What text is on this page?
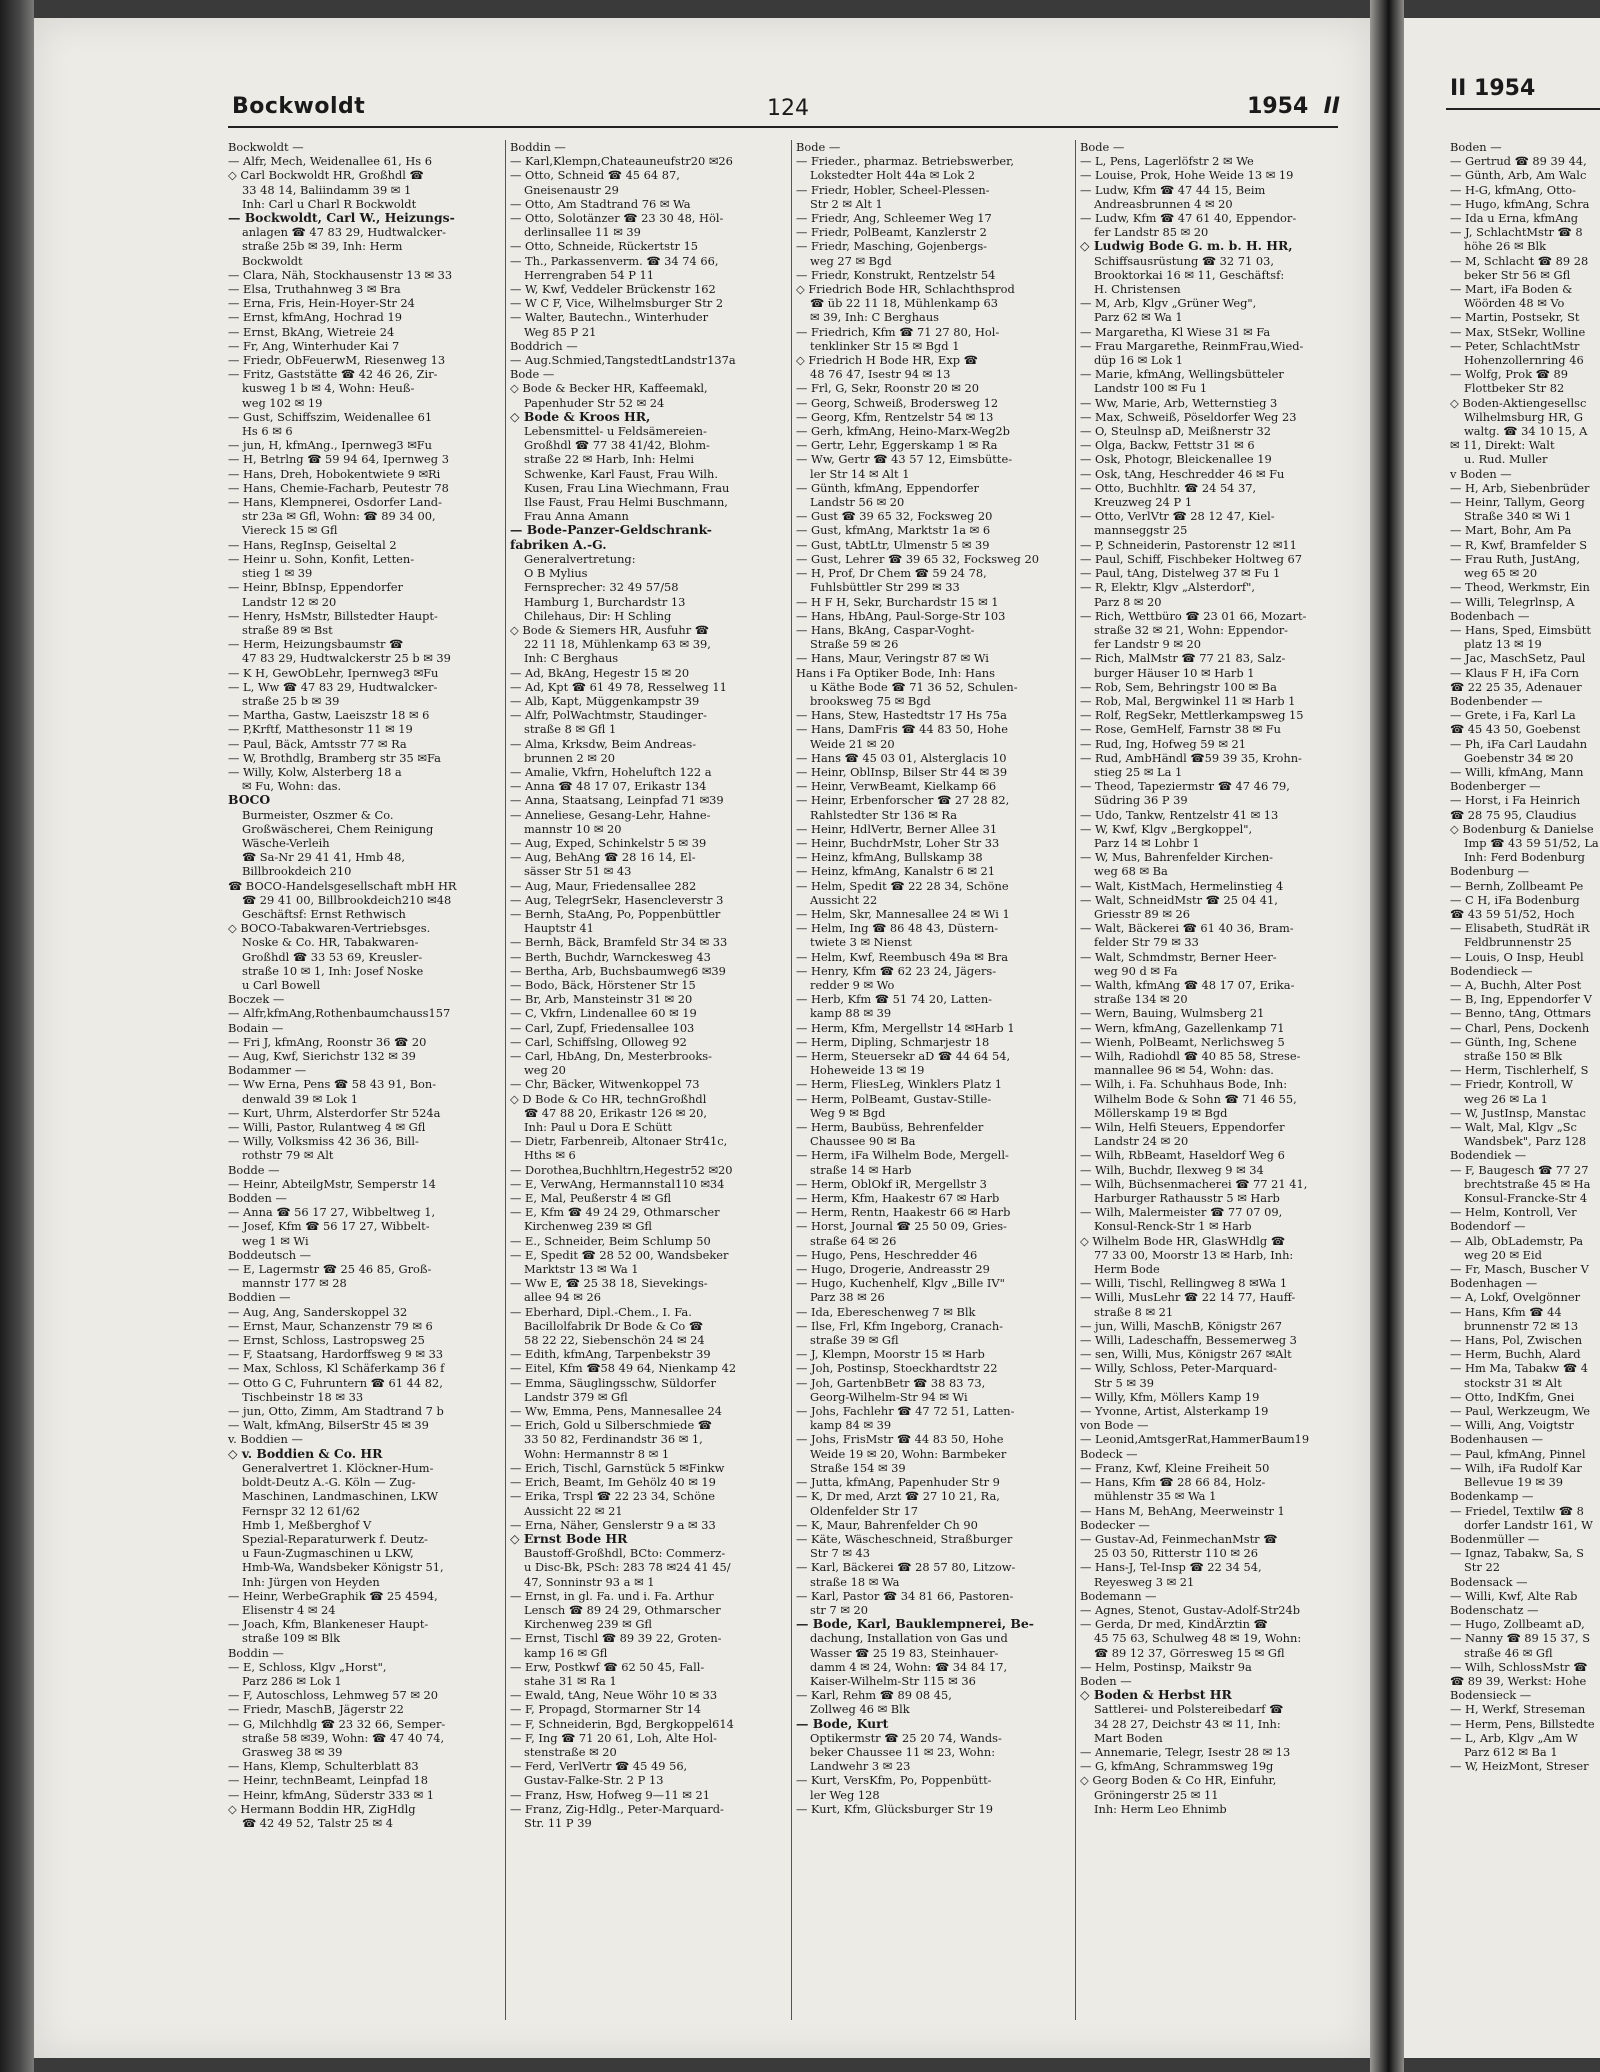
Bockwoldt	124	1954 II
Bockwoldt —
— Alfr, Mech, Weidenallee 61, Hs 6
◇ Carl Bockwoldt HR, Großhdl ☎
33 48 14, Baliindamm 39 ✉ 1
Inh: Carl u Charl R Bockwoldt
— Bockwoldt, Carl W., Heizungs-
anlagen ☎ 47 83 29, Hudtwalcker-
straße 25b ✉ 39, Inh: Herm
Bockwoldt
— Clara, Näh, Stockhausenstr 13 ✉ 33
— Elsa, Truthahnweg 3 ✉ Bra
— Erna, Fris, Hein-Hoyer-Str 24
— Ernst, kfmAng, Hochrad 19
— Ernst, BkAng, Wietreie 24
— Fr, Ang, Winterhuder Kai 7
— Friedr, ObFeuerwM, Riesenweg 13
— Fritz, Gaststätte ☎ 42 46 26, Zir-
kusweg 1 b ✉ 4, Wohn: Heuß-
weg 102 ✉ 19
— Gust, Schiffszim, Weidenallee 61
Hs 6 ✉ 6
— jun, H, kfmAng., Ipernweg3 ✉Fu
— H, Betrlng ☎ 59 94 64, Ipernweg 3
— Hans, Dreh, Hobokentwiete 9 ✉Ri
— Hans, Chemie-Facharb, Peutestr 78
— Hans, Klempnerei, Osdorfer Land-
str 23a ✉ Gfl, Wohn: ☎ 89 34 00,
Viereck 15 ✉ Gfl
— Hans, RegInsp, Geiseltal 2
— Heinr u. Sohn, Konfit, Letten-
stieg 1 ✉ 39
— Heinr, BbInsp, Eppendorfer
Landstr 12 ✉ 20
— Henry, HsMstr, Billstedter Haupt-
straße 89 ✉ Bst
— Herm, Heizungsbaumstr ☎
47 83 29, Hudtwalckerstr 25 b ✉ 39
— K H, GewObLehr, Ipernweg3 ✉Fu
— L, Ww ☎ 47 83 29, Hudtwalcker-
straße 25 b ✉ 39
— Martha, Gastw, Laeiszstr 18 ✉ 6
— P,Krftf, Matthesonstr 11 ✉ 19
— Paul, Bäck, Amtsstr 77 ✉ Ra
— W, Brothdlg, Bramberg str 35 ✉Fa
— Willy, Kolw, Alsterberg 18 a
✉ Fu, Wohn: das.
BOCO
Burmeister, Oszmer & Co.
Großwäscherei, Chem Reinigung
Wäsche-Verleih
☎ Sa-Nr 29 41 41, Hmb 48,
Billbrookdeich 210
☎ BOCO-Handelsgesellschaft mbH HR
☎ 29 41 00, Billbrookdeich210 ✉48
Geschäftsf: Ernst Rethwisch
◇ BOCO-Tabakwaren-Vertriebsges.
Noske & Co. HR, Tabakwaren-
Großhdl ☎ 33 53 69, Kreusler-
straße 10 ✉ 1, Inh: Josef Noske
u Carl Bowell
Boczek —
— Alfr,kfmAng,Rothenbaumchauss157
Bodain —
— Fri J, kfmAng, Roonstr 36 ☎ 20
— Aug, Kwf, Sierichstr 132 ✉ 39
Bodammer —
— Ww Erna, Pens ☎ 58 43 91, Bon-
denwald 39 ✉ Lok 1
— Kurt, Uhrm, Alsterdorfer Str 524a
— Willi, Pastor, Rulantweg 4 ✉ Gfl
— Willy, Volksmiss 42 36 36, Bill-
rothstr 79 ✉ Alt
Bodde —
— Heinr, AbteilgMstr, Semperstr 14
Bodden —
— Anna ☎ 56 17 27, Wibbeltweg 1,
— Josef, Kfm ☎ 56 17 27, Wibbelt-
weg 1 ✉ Wi
Boddeutsch —
— E, Lagermstr ☎ 25 46 85, Groß-
mannstr 177 ✉ 28
Boddien —
— Aug, Ang, Sanderskoppel 32
— Ernst, Maur, Schanzenstr 79 ✉ 6
— Ernst, Schloss, Lastropsweg 25
— F, Staatsang, Hardorffsweg 9 ✉ 33
— Max, Schloss, Kl Schäferkamp 36 f
— Otto G C, Fuhruntern ☎ 61 44 82,
Tischbeinstr 18 ✉ 33
— jun, Otto, Zimm, Am Stadtrand 7 b
— Walt, kfmAng, BilserStr 45 ✉ 39
v. Boddien —
◇ v. Boddien & Co. HR
Generalvertret 1. Klöckner-Hum-
boldt-Deutz A.-G. Köln — Zug-
Maschinen, Landmaschinen, LKW
Fernspr 32 12 61/62
Hmb 1, Meßberghof V
Spezial-Reparaturwerk f. Deutz-
u Faun-Zugmaschinen u LKW,
Hmb-Wa, Wandsbeker Königstr 51,
Inh: Jürgen von Heyden
— Heinr, WerbeGraphik ☎ 25 4594,
Elisenstr 4 ✉ 24
— Joach, Kfm, Blankeneser Haupt-
straße 109 ✉ Blk
Boddin —
— E, Schloss, Klgv „Horst",
Parz 286 ✉ Lok 1
— F, Autoschloss, Lehmweg 57 ✉ 20
— Friedr, MaschB, Jägerstr 22
— G, Milchhdlg ☎ 23 32 66, Semper-
straße 58 ✉39, Wohn: ☎ 47 40 74,
Grasweg 38 ✉ 39
— Hans, Klemp, Schulterblatt 83
— Heinr, technBeamt, Leinpfad 18
— Heinr, kfmAng, Süderstr 333 ✉ 1
◇ Hermann Boddin HR, ZigHdlg
☎ 42 49 52, Talstr 25 ✉ 4
Boddin —
— Karl,Klempn,Chateauneufstr20 ✉26
— Otto, Schneid ☎ 45 64 87,
Gneisenaustr 29
— Otto, Am Stadtrand 76 ✉ Wa
— Otto, Solotänzer ☎ 23 30 48, Höl-
derlinsallee 11 ✉ 39
— Otto, Schneide, Rückertstr 15
— Th., Parkassenverm. ☎ 34 74 66,
Herrengraben 54 P 11
— W, Kwf, Veddeler Brückenstr 162
— W C F, Vice, Wilhelmsburger Str 2
— Walter, Bautechn., Winterhuder
Weg 85 P 21
Boddrich —
— Aug.Schmied,TangstedtLandstr137a
Bode —
◇ Bode & Becker HR, Kaffeemakl,
Papenhuder Str 52 ✉ 24
◇ Bode & Kroos HR,
Lebensmittel- u Feldsämereien-
Großhdl ☎ 77 38 41/42, Blohm-
straße 22 ✉ Harb, Inh: Helmi
Schwenke, Karl Faust, Frau Wilh.
Kusen, Frau Lina Wiechmann, Frau
Ilse Faust, Frau Helmi Buschmann,
Frau Anna Amann
— Bode-Panzer-Geldschrank-
fabriken A.-G.
Generalvertretung:
O B Mylius
Fernsprecher: 32 49 57/58
Hamburg 1, Burchardstr 13
Chilehaus, Dir: H Schling
◇ Bode & Siemers HR, Ausfuhr ☎
22 11 18, Mühlenkamp 63 ✉ 39,
Inh: C Berghaus
— Ad, BkAng, Hegestr 15 ✉ 20
— Ad, Kpt ☎ 61 49 78, Resselweg 11
— Alb, Kapt, Müggenkampstr 39
— Alfr, PolWachtmstr, Staudinger-
straße 8 ✉ Gfl 1
— Alma, Krksdw, Beim Andreas-
brunnen 2 ✉ 20
— Amalie, Vkfrn, Hoheluftch 122 a
— Anna ☎ 48 17 07, Erikastr 134
— Anna, Staatsang, Leinpfad 71 ✉39
— Anneliese, Gesang-Lehr, Hahne-
mannstr 10 ✉ 20
— Aug, Exped, Schinkelstr 5 ✉ 39
— Aug, BehAng ☎ 28 16 14, El-
sässer Str 51 ✉ 43
— Aug, Maur, Friedensallee 282
— Aug, TelegrSekr, Hasencleverstr 3
— Bernh, StaAng, Po, Poppenbüttler
Hauptstr 41
— Bernh, Bäck, Bramfeld Str 34 ✉ 33
— Berth, Buchdr, Warnckesweg 43
— Bertha, Arb, Buchsbaumweg6 ✉39
— Bodo, Bäck, Hörstener Str 15
— Br, Arb, Mansteinstr 31 ✉ 20
— C, Vkfrn, Lindenallee 60 ✉ 19
— Carl, Zupf, Friedensallee 103
— Carl, Schiffslng, Olloweg 92
— Carl, HbAng, Dn, Mesterbrooks-
weg 20
— Chr, Bäcker, Witwenkoppel 73
◇ D Bode & Co HR, technGroßhdl
☎ 47 88 20, Erikastr 126 ✉ 20,
Inh: Paul u Dora E Schütt
— Dietr, Farbenreib, Altonaer Str41c,
Hths ✉ 6
— Dorothea,Buchhltrn,Hegestr52 ✉20
— E, VerwAng, Hermannstal110 ✉34
— E, Mal, Peußerstr 4 ✉ Gfl
— E, Kfm ☎ 49 24 29, Othmarscher
Kirchenweg 239 ✉ Gfl
— E., Schneider, Beim Schlump 50
— E, Spedit ☎ 28 52 00, Wandsbeker
Marktstr 13 ✉ Wa 1
— Ww E, ☎ 25 38 18, Sievekings-
allee 94 ✉ 26
— Eberhard, Dipl.-Chem., I. Fa.
Bacillolfabrik Dr Bode & Co ☎
58 22 22, Siebenschön 24 ✉ 24
— Edith, kfmAng, Tarpenbekstr 39
— Eitel, Kfm ☎58 49 64, Nienkamp 42
— Emma, Säuglingsschw, Süldorfer
Landstr 379 ✉ Gfl
— Ww, Emma, Pens, Mannesallee 24
— Erich, Gold u Silberschmiede ☎
33 50 82, Ferdinandstr 36 ✉ 1,
Wohn: Hermannstr 8 ✉ 1
— Erich, Tischl, Garnstück 5 ✉Finkw
— Erich, Beamt, Im Gehölz 40 ✉ 19
— Erika, Trspl ☎ 22 23 34, Schöne
Aussicht 22 ✉ 21
— Erna, Näher, Genslerstr 9 a ✉ 33
◇ Ernst Bode HR
Baustoff-Großhdl, BCto: Commerz-
u Disc-Bk, PSch: 283 78 ✉24 41 45/
47, Sonninstr 93 a ✉ 1
— Ernst, in gl. Fa. und i. Fa. Arthur
Lensch ☎ 89 24 29, Othmarscher
Kirchenweg 239 ✉ Gfl
— Ernst, Tischl ☎ 89 39 22, Groten-
kamp 16 ✉ Gfl
— Erw, Postkwf ☎ 62 50 45, Fall-
stahe 31 ✉ Ra 1
— Ewald, tAng, Neue Wöhr 10 ✉ 33
— F, Propagd, Stormarner Str 14
— F, Schneiderin, Bgd, Bergkoppel614
— F, Ing ☎ 71 20 61, Loh, Alte Hol-
stenstraße ✉ 20
— Ferd, VerlVertr ☎ 45 49 56,
Gustav-Falke-Str. 2 P 13
— Franz, Hsw, Hofweg 9—11 ✉ 21
— Franz, Zig-Hdlg., Peter-Marquard-
Str. 11 P 39
Bode —
— Frieder., pharmaz. Betriebswerber,
Lokstedter Holt 44a ✉ Lok 2
— Friedr, Hobler, Scheel-Plessen-
Str 2 ✉ Alt 1
— Friedr, Ang, Schleemer Weg 17
— Friedr, PolBeamt, Kanzlerstr 2
— Friedr, Masching, Gojenbergs-
weg 27 ✉ Bgd
— Friedr, Konstrukt, Rentzelstr 54
◇ Friedrich Bode HR, Schlachthsprod
☎ üb 22 11 18, Mühlenkamp 63
✉ 39, Inh: C Berghaus
— Friedrich, Kfm ☎ 71 27 80, Hol-
tenklinker Str 15 ✉ Bgd 1
◇ Friedrich H Bode HR, Exp ☎
48 76 47, Isestr 94 ✉ 13
— Frl, G, Sekr, Roonstr 20 ✉ 20
— Georg, Schweiß, Brodersweg 12
— Georg, Kfm, Rentzelstr 54 ✉ 13
— Gerh, kfmAng, Heino-Marx-Weg2b
— Gertr, Lehr, Eggerskamp 1 ✉ Ra
— Ww, Gertr ☎ 43 57 12, Eimsbütte-
ler Str 14 ✉ Alt 1
— Günth, kfmAng, Eppendorfer
Landstr 56 ✉ 20
— Gust ☎ 39 65 32, Focksweg 20
— Gust, kfmAng, Marktstr 1a ✉ 6
— Gust, tAbtLtr, Ulmenstr 5 ✉ 39
— Gust, Lehrer ☎ 39 65 32, Focksweg 20
— H, Prof, Dr Chem ☎ 59 24 78,
Fuhlsbüttler Str 299 ✉ 33
— H F H, Sekr, Burchardstr 15 ✉ 1
— Hans, HbAng, Paul-Sorge-Str 103
— Hans, BkAng, Caspar-Voght-
Straße 59 ✉ 26
— Hans, Maur, Veringstr 87 ✉ Wi
Hans i Fa Optiker Bode, Inh: Hans
u Käthe Bode ☎ 71 36 52, Schulen-
brooksweg 75 ✉ Bgd
— Hans, Stew, Hastedtstr 17 Hs 75a
— Hans, DamFris ☎ 44 83 50, Hohe
Weide 21 ✉ 20
— Hans ☎ 45 03 01, Alsterglacis 10
— Heinr, OblInsp, Bilser Str 44 ✉ 39
— Heinr, VerwBeamt, Kielkamp 66
— Heinr, Erbenforscher ☎ 27 28 82,
Rahlstedter Str 136 ✉ Ra
— Heinr, HdlVertr, Berner Allee 31
— Heinr, BuchdrMstr, Loher Str 33
— Heinz, kfmAng, Bullskamp 38
— Heinz, kfmAng, Kanalstr 6 ✉ 21
— Helm, Spedit ☎ 22 28 34, Schöne
Aussicht 22
— Helm, Skr, Mannesallee 24 ✉ Wi 1
— Helm, Ing ☎ 86 48 43, Düstern-
twiete 3 ✉ Nienst
— Helm, Kwf, Reembusch 49a ✉ Bra
— Henry, Kfm ☎ 62 23 24, Jägers-
redder 9 ✉ Wo
— Herb, Kfm ☎ 51 74 20, Latten-
kamp 88 ✉ 39
— Herm, Kfm, Mergellstr 14 ✉Harb 1
— Herm, Dipling, Schmarjestr 18
— Herm, Steuersekr aD ☎ 44 64 54,
Hoheweide 13 ✉ 19
— Herm, FliesLeg, Winklers Platz 1
— Herm, PolBeamt, Gustav-Stille-
Weg 9 ✉ Bgd
— Herm, Baubüss, Behrenfelder
Chaussee 90 ✉ Ba
— Herm, iFa Wilhelm Bode, Mergell-
straße 14 ✉ Harb
— Herm, OblOkf iR, Mergellstr 3
— Herm, Kfm, Haakestr 67 ✉ Harb
— Herm, Rentn, Haakestr 66 ✉ Harb
— Horst, Journal ☎ 25 50 09, Gries-
straße 64 ✉ 26
— Hugo, Pens, Heschredder 46
— Hugo, Drogerie, Andreasstr 29
— Hugo, Kuchenhelf, Klgv „Bille IV"
Parz 38 ✉ 26
— Ida, Ebereschenweg 7 ✉ Blk
— Ilse, Frl, Kfm Ingeborg, Cranach-
straße 39 ✉ Gfl
— J, Klempn, Moorstr 15 ✉ Harb
— Joh, Postinsp, Stoeckhardtstr 22
— Joh, GartenbBetr ☎ 38 83 73,
Georg-Wilhelm-Str 94 ✉ Wi
— Johs, Fachlehr ☎ 47 72 51, Latten-
kamp 84 ✉ 39
— Johs, FrisMstr ☎ 44 83 50, Hohe
Weide 19 ✉ 20, Wohn: Barmbeker
Straße 154 ✉ 39
— Jutta, kfmAng, Papenhuder Str 9
— K, Dr med, Arzt ☎ 27 10 21, Ra,
Oldenfelder Str 17
— K, Maur, Bahrenfelder Ch 90
— Käte, Wäscheschneid, Straßburger
Str 7 ✉ 43
— Karl, Bäckerei ☎ 28 57 80, Litzow-
straße 18 ✉ Wa
— Karl, Pastor ☎ 34 81 66, Pastoren-
str 7 ✉ 20
— Bode, Karl, Bauklempnerei, Be-
dachung, Installation von Gas und
Wasser ☎ 25 19 83, Steinhauer-
damm 4 ✉ 24, Wohn: ☎ 34 84 17,
Kaiser-Wilhelm-Str 115 ✉ 36
— Karl, Rehm ☎ 89 08 45,
Zollweg 46 ✉ Blk
— Bode, Kurt
Optikermstr ☎ 25 20 74, Wands-
beker Chaussee 11 ✉ 23, Wohn:
Landwehr 3 ✉ 23
— Kurt, VersKfm, Po, Poppenbütt-
ler Weg 128
— Kurt, Kfm, Glücksburger Str 19
Bode —
— L, Pens, Lagerlöfstr 2 ✉ We
— Louise, Prok, Hohe Weide 13 ✉ 19
— Ludw, Kfm ☎ 47 44 15, Beim
Andreasbrunnen 4 ✉ 20
— Ludw, Kfm ☎ 47 61 40, Eppendor-
fer Landstr 85 ✉ 20
◇ Ludwig Bode G. m. b. H. HR,
Schiffsausrüstung ☎ 32 71 03,
Brooktorkai 16 ✉ 11, Geschäftsf:
H. Christensen
— M, Arb, Klgv „Grüner Weg",
Parz 62 ✉ Wa 1
— Margaretha, Kl Wiese 31 ✉ Fa
— Frau Margarethe, ReinmFrau,Wied-
düp 16 ✉ Lok 1
— Marie, kfmAng, Wellingsbütteler
Landstr 100 ✉ Fu 1
— Ww, Marie, Arb, Wetternstieg 3
— Max, Schweiß, Pöseldorfer Weg 23
— O, Steulnsp aD, Meißnerstr 32
— Olga, Backw, Fettstr 31 ✉ 6
— Osk, Photogr, Bleickenallee 19
— Osk, tAng, Heschredder 46 ✉ Fu
— Otto, Buchhltr. ☎ 24 54 37,
Kreuzweg 24 P 1
— Otto, VerlVtr ☎ 28 12 47, Kiel-
mannseggstr 25
— P, Schneiderin, Pastorenstr 12 ✉11
— Paul, Schiff, Fischbeker Holtweg 67
— Paul, tAng, Distelweg 37 ✉ Fu 1
— R, Elektr, Klgv „Alsterdorf",
Parz 8 ✉ 20
— Rich, Wettbüro ☎ 23 01 66, Mozart-
straße 32 ✉ 21, Wohn: Eppendor-
fer Landstr 9 ✉ 20
— Rich, MalMstr ☎ 77 21 83, Salz-
burger Häuser 10 ✉ Harb 1
— Rob, Sem, Behringstr 100 ✉ Ba
— Rob, Mal, Bergwinkel 11 ✉ Harb 1
— Rolf, RegSekr, Mettlerkampsweg 15
— Rose, GemHelf, Farnstr 38 ✉ Fu
— Rud, Ing, Hofweg 59 ✉ 21
— Rud, AmbHändl ☎59 39 35, Krohn-
stieg 25 ✉ La 1
— Theod, Tapeziermstr ☎ 47 46 79,
Südring 36 P 39
— Udo, Tankw, Rentzelstr 41 ✉ 13
— W, Kwf, Klgv „Bergkoppel",
Parz 14 ✉ Lohbr 1
— W, Mus, Bahrenfelder Kirchen-
weg 68 ✉ Ba
— Walt, KistMach, Hermelinstieg 4
— Walt, SchneidMstr ☎ 25 04 41,
Griesstr 89 ✉ 26
— Walt, Bäckerei ☎ 61 40 36, Bram-
felder Str 79 ✉ 33
— Walt, Schmdmstr, Berner Heer-
weg 90 d ✉ Fa
— Walth, kfmAng ☎ 48 17 07, Erika-
straße 134 ✉ 20
— Wern, Bauing, Wulmsberg 21
— Wern, kfmAng, Gazellenkamp 71
— Wienh, PolBeamt, Nerlichsweg 5
— Wilh, Radiohdl ☎ 40 85 58, Strese-
mannallee 96 ✉ 54, Wohn: das.
— Wilh, i. Fa. Schuhhaus Bode, Inh:
Wilhelm Bode & Sohn ☎ 71 46 55,
Möllerskamp 19 ✉ Bgd
— Wiln, Helfi Steuers, Eppendorfer
Landstr 24 ✉ 20
— Wilh, RbBeamt, Haseldorf Weg 6
— Wilh, Buchdr, Ilexweg 9 ✉ 34
— Wilh, Büchsenmacherei ☎ 77 21 41,
Harburger Rathausstr 5 ✉ Harb
— Wilh, Malermeister ☎ 77 07 09,
Konsul-Renck-Str 1 ✉ Harb
◇ Wilhelm Bode HR, GlasWHdlg ☎
77 33 00, Moorstr 13 ✉ Harb, Inh:
Herm Bode
— Willi, Tischl, Rellingweg 8 ✉Wa 1
— Willi, MusLehr ☎ 22 14 77, Hauff-
straße 8 ✉ 21
— jun, Willi, MaschB, Königstr 267
— Willi, Ladeschaffn, Bessemerweg 3
— sen, Willi, Mus, Königstr 267 ✉Alt
— Willy, Schloss, Peter-Marquard-
Str 5 ✉ 39
— Willy, Kfm, Möllers Kamp 19
— Yvonne, Artist, Alsterkamp 19
von Bode —
— Leonid,AmtsgerRat,HammerBaum19
Bodeck —
— Franz, Kwf, Kleine Freiheit 50
— Hans, Kfm ☎ 28 66 84, Holz-
mühlenstr 35 ✉ Wa 1
— Hans M, BehAng, Meerweinstr 1
Bodecker —
— Gustav-Ad, FeinmechanMstr ☎
25 03 50, Ritterstr 110 ✉ 26
— Hans-J, Tel-Insp ☎ 22 34 54,
Reyesweg 3 ✉ 21
Bodemann —
— Agnes, Stenot, Gustav-Adolf-Str24b
— Gerda, Dr med, KindÄrztin ☎
45 75 63, Schulweg 48 ✉ 19, Wohn:
☎ 89 12 37, Görresweg 15 ✉ Gfl
— Helm, Postinsp, Maikstr 9a
Boden —
◇ Boden & Herbst HR
Sattlerei- und Polstereibedarf ☎
34 28 27, Deichstr 43 ✉ 11, Inh:
Mart Boden
— Annemarie, Telegr, Isestr 28 ✉ 13
— G, kfmAng, Schrammsweg 19g
◇ Georg Boden & Co HR, Einfuhr,
Gröningerstr 25 ✉ 11
Inh: Herm Leo Ehnimb
II 1954
Boden —
— Gertrud ☎ 89 39 44,
— Günth, Arb, Am Walc
— H-G, kfmAng, Otto-
— Hugo, kfmAng, Schra
— Ida u Erna, kfmAng
— J, SchlachtMstr ☎ 8
höhe 26 ✉ Blk
— M, Schlacht ☎ 89 28
beker Str 56 ✉ Gfl
— Mart, iFa Boden &
Wöörden 48 ✉ Vo
— Martin, Postsekr, St
— Max, StSekr, Wolline
— Peter, SchlachtMstr
Hohenzollernring 46
— Wolfg, Prok ☎ 89
Flottbeker Str 82
◇ Boden-Aktiengesellsc
Wilhelmsburg HR, G
waltg. ☎ 34 10 15, A
✉ 11, Direkt: Walt
u. Rud. Muller
v Boden —
— H, Arb, Siebenbrüder
— Heinr, Tallym, Georg
Straße 340 ✉ Wi 1
— Mart, Bohr, Am Pa
— R, Kwf, Bramfelder S
— Frau Ruth, JustAng,
weg 65 ✉ 20
— Theod, Werkmstr, Ein
— Willi, Telegrlnsp, A
Bodenbach —
— Hans, Sped, Eimsbütt
platz 13 ✉ 19
— Jac, MaschSetz, Paul
— Klaus F H, iFa Corn
☎ 22 25 35, Adenauer
Bodenbender —
— Grete, i Fa, Karl La
☎ 45 43 50, Goebenst
— Ph, iFa Carl Laudahn
Goebenstr 34 ✉ 20
— Willi, kfmAng, Mann
Bodenberger —
— Horst, i Fa Heinrich
☎ 28 75 95, Claudius
◇ Bodenburg & Danielse
Imp ☎ 43 59 51/52, La
Inh: Ferd Bodenburg
Bodenburg —
— Bernh, Zollbeamt Pe
— C H, iFa Bodenburg
☎ 43 59 51/52, Hoch
— Elisabeth, StudRät iR
Feldbrunnenstr 25
— Louis, O Insp, Heubl
Bodendieck —
— A, Buchh, Alter Post
— B, Ing, Eppendorfer V
— Benno, tAng, Ottmars
— Charl, Pens, Dockenh
— Günth, Ing, Schene
straße 150 ✉ Blk
— Herm, Tischlerhelf, S
— Friedr, Kontroll, W
weg 26 ✉ La 1
— W, JustInsp, Manstac
— Walt, Mal, Klgv „Sc
Wandsbek", Parz 128
Bodendiek —
— F, Baugesch ☎ 77 27
brechtstraße 45 ✉ Ha
Konsul-Francke-Str 4
— Helm, Kontroll, Ver
Bodendorf —
— Alb, ObLademstr, Pa
weg 20 ✉ Eid
— Fr, Masch, Buscher V
Bodenhagen —
— A, Lokf, Ovelgönner
— Hans, Kfm ☎ 44
brunnenstr 72 ✉ 13
— Hans, Pol, Zwischen
— Herm, Buchh, Alard
— Hm Ma, Tabakw ☎ 4
stockstr 31 ✉ Alt
— Otto, IndKfm, Gnei
— Paul, Werkzeugm, We
— Willi, Ang, Voigtstr
Bodenhausen —
— Paul, kfmAng, Pinnel
— Wilh, iFa Rudolf Kar
Bellevue 19 ✉ 39
Bodenkamp —
— Friedel, Textilw ☎ 8
dorfer Landstr 161, W
Bodenmüller —
— Ignaz, Tabakw, Sa, S
Str 22
Bodensack —
— Willi, Kwf, Alte Rab
Bodenschatz —
— Hugo, Zollbeamt aD,
— Nanny ☎ 89 15 37, S
straße 46 ✉ Gfl
— Wilh, SchlossMstr ☎
☎ 89 39, Werkst: Hohe
Bodensieck —
— H, Werkf, Streseman
— Herm, Pens, Billstedte
— L, Arb, Klgv „Am W
Parz 612 ✉ Ba 1
— W, HeizMont, Streser
